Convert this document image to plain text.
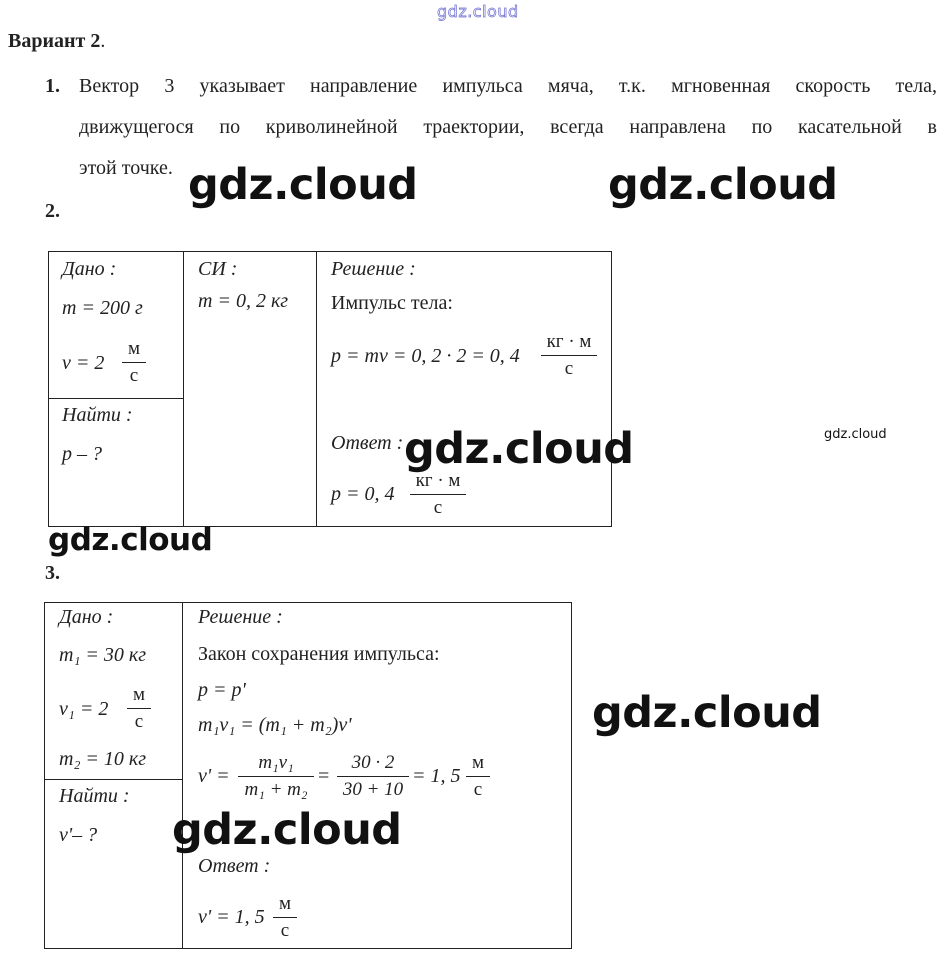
gdz.cloud
Вариант 2.
1. Вектор 3 указывает направление импульса мяча, т.к. мгновенная скорость тела,
движущегося по криволинейной траектории, всегда направлена по касательной в
этой точке.
2.
Дано :
m = 200 г
v = 2
м
с
Найти :
p – ?
СИ :
m = 0, 2 кг
Решение :
Импульс тела:
p = mv = 0, 2 · 2 = 0, 4
кг · м
с
Ответ :
p = 0, 4
кг · м
с
3.
Дано :
m₁ = 30 кг
v₁ = 2
м
с
m₂ = 10 кг
Найти :
v'– ?
Решение :
Закон сохранения импульса:
p = p'
m₁v₁ = (m₁ + m₂)v'
v' =
m₁v₁
m₁ + m₂
=
30 · 2
30 + 10
= 1, 5
м
с
Ответ :
v' = 1, 5
м
с
gdz.cloud	gdz.cloud
gdz.cloud	gdz.cloud
gdz.cloud
gdz.cloud
gdz.cloud
